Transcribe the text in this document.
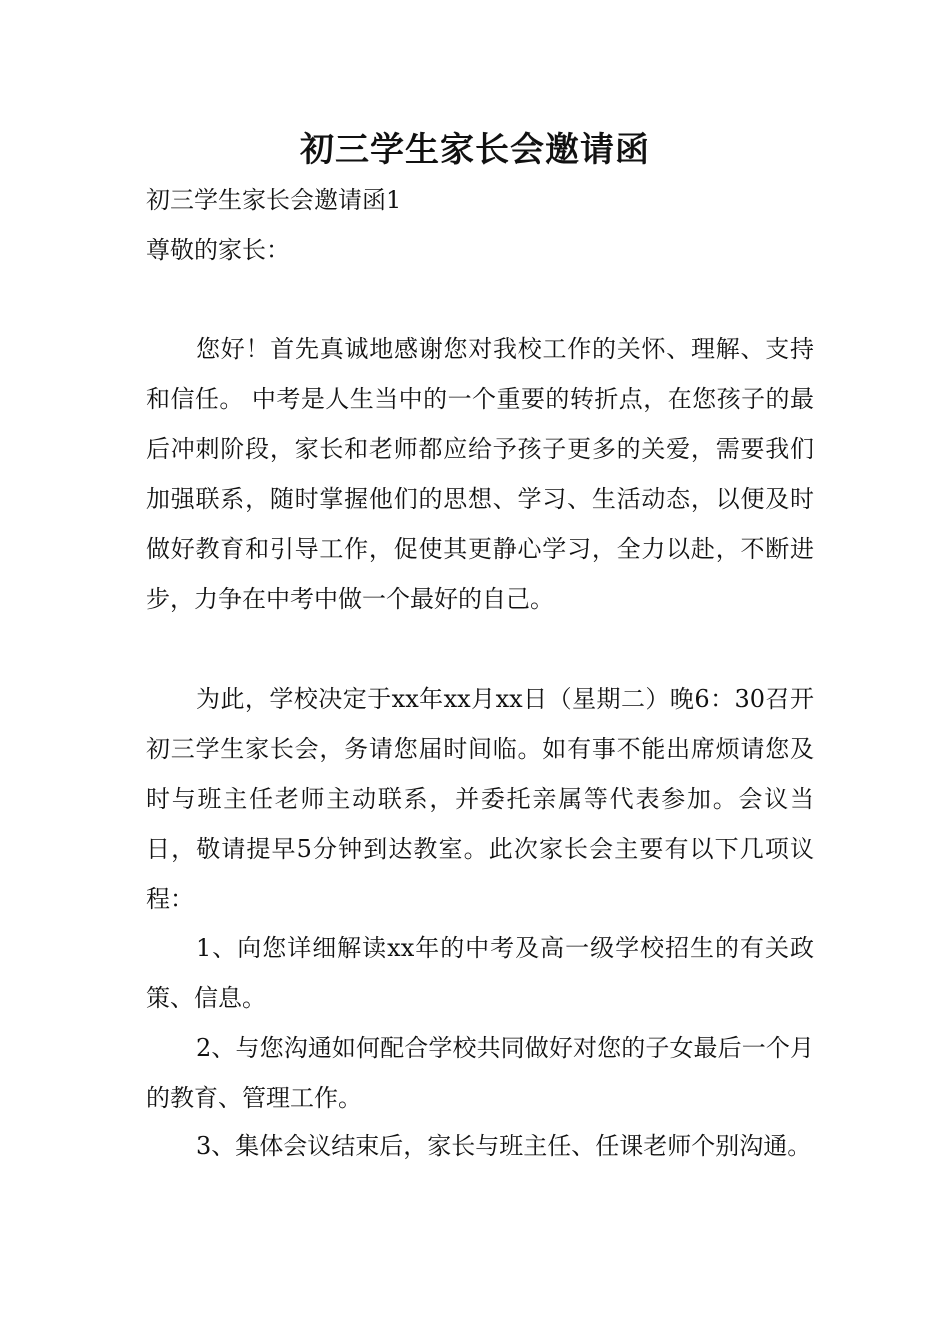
初三学生家长会邀请函
初三学生家长会邀请函1
尊敬的家长：

您好！首先真诚地感谢您对我校工作的关怀、理解、支持和信任。 中考是人生当中的一个重要的转折点，在您孩子的最后冲刺阶段，家长和老师都应给予孩子更多的关爱，需要我们加强联系，随时掌握他们的思想、学习、生活动态，以便及时做好教育和引导工作，促使其更静心学习，全力以赴，不断进步，力争在中考中做一个最好的自己。

为此，学校决定于xx年xx月xx日（星期二）晚6：30召开初三学生家长会，务请您届时间临。如有事不能出席烦请您及时与班主任老师主动联系，并委托亲属等代表参加。会议当日，敬请提早5分钟到达教室。此次家长会主要有以下几项议程：

1、向您详细解读xx年的中考及高一级学校招生的有关政策、信息。

2、与您沟通如何配合学校共同做好对您的子女最后一个月的教育、管理工作。

3、集体会议结束后，家长与班主任、任课老师个别沟通。
